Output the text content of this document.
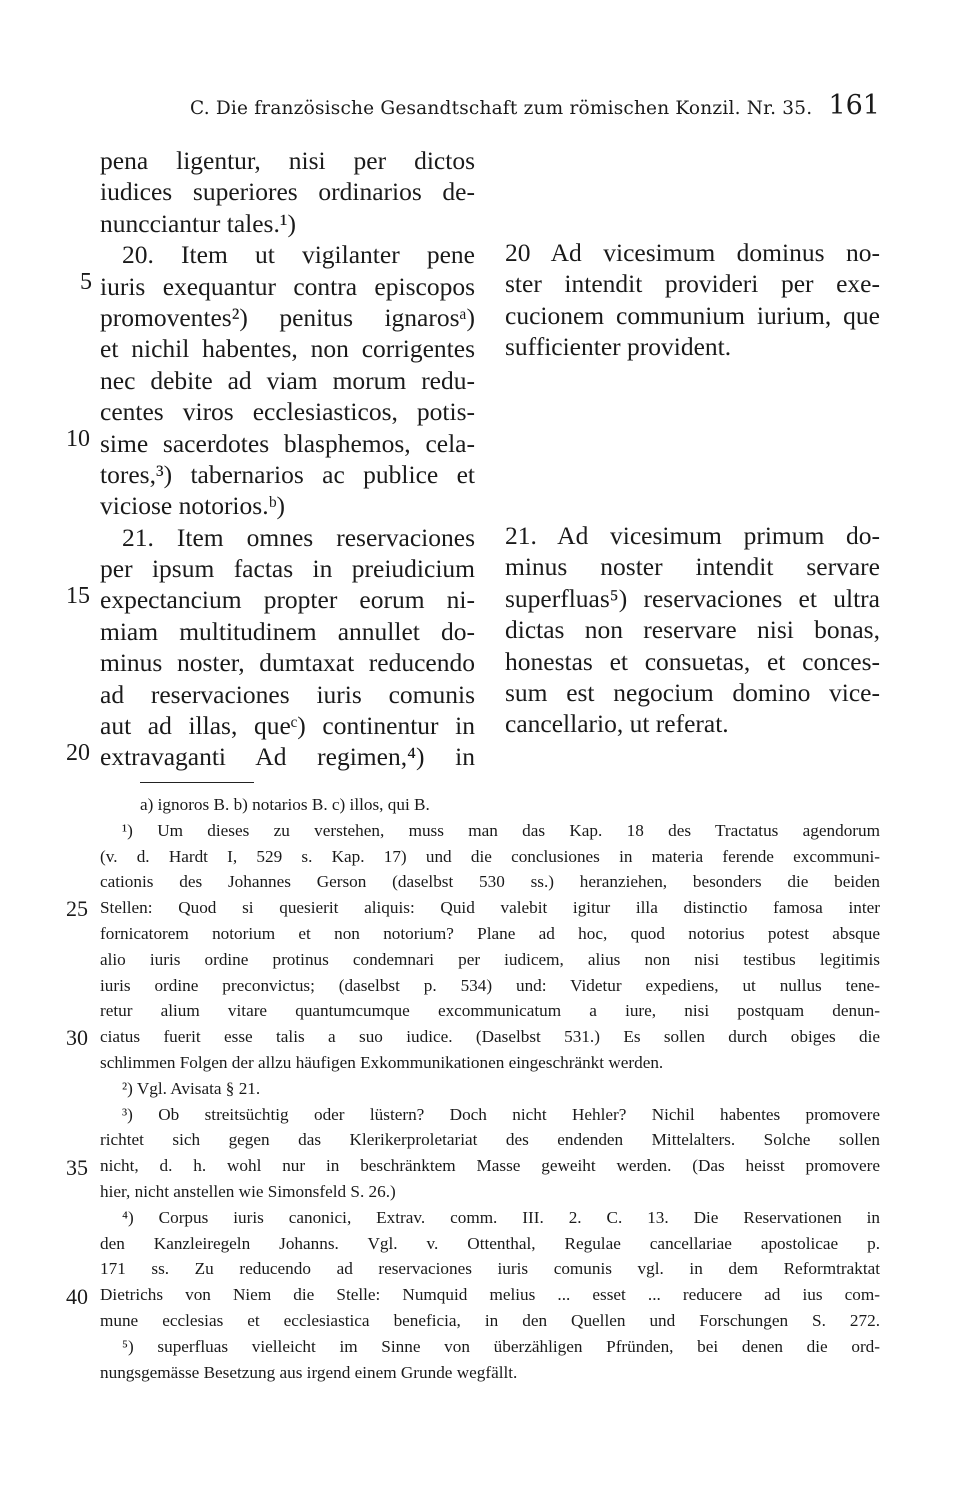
C. Die französische Gesandtschaft zum römischen Konzil. Nr. 35. 161
5
10
15
20
pena ligentur, nisi per dictos
iudices superiores ordinarios de-
nuncciantur tales.¹)
20. Item ut vigilanter pene
iuris exequantur contra episcopos
promoventes²) penitus ignarosᵃ)
et nichil habentes, non corrigentes
nec debite ad viam morum redu-
centes viros ecclesiasticos, potis-
sime sacerdotes blasphemos, cela-
tores,³) tabernarios ac publice et
viciose notorios.ᵇ)
21. Item omnes reservaciones
per ipsum factas in preiudicium
expectancium propter eorum ni-
miam multitudinem annullet do-
minus noster, dumtaxat reducendo
ad reservaciones iuris comunis
aut ad illas, queᶜ) continentur in
extravaganti Ad regimen,⁴) in
20 Ad vicesimum dominus no-
ster intendit provideri per exe-
cucionem communium iurium, que
sufficienter provident.
21. Ad vicesimum primum do-
minus noster intendit servare
superfluas⁵) reservaciones et ultra
dictas non reservare nisi bonas,
honestas et consuetas, et conces-
sum est negocium domino vice-
cancellario, ut referat.
25
30
35
40
a) ignoros B. b) notarios B. c) illos, qui B.
¹) Um dieses zu verstehen, muss man das Kap. 18 des Tractatus agendorum
(v. d. Hardt I, 529 s. Kap. 17) und die conclusiones in materia ferende excommuni-
cationis des Johannes Gerson (daselbst 530 ss.) heranziehen, besonders die beiden
Stellen: Quod si quesierit aliquis: Quid valebit igitur illa distinctio famosa inter
fornicatorem notorium et non notorium? Plane ad hoc, quod notorius potest absque
alio iuris ordine protinus condemnari per iudicem, alius non nisi testibus legitimis
iuris ordine preconvictus; (daselbst p. 534) und: Videtur expediens, ut nullus tene-
retur alium vitare quantumcumque excommunicatum a iure, nisi postquam denun-
ciatus fuerit esse talis a suo iudice. (Daselbst 531.) Es sollen durch obiges die
schlimmen Folgen der allzu häufigen Exkommunikationen eingeschränkt werden.
²) Vgl. Avisata § 21.
³) Ob streitsüchtig oder lüstern? Doch nicht Hehler? Nichil habentes promovere
richtet sich gegen das Klerikerproletariat des endenden Mittelalters. Solche sollen
nicht, d. h. wohl nur in beschränktem Masse geweiht werden. (Das heisst promovere
hier, nicht anstellen wie Simonsfeld S. 26.)
⁴) Corpus iuris canonici, Extrav. comm. III. 2. C. 13. Die Reservationen in
den Kanzleiregeln Johanns. Vgl. v. Ottenthal, Regulae cancellariae apostolicae p.
171 ss. Zu reducendo ad reservaciones iuris comunis vgl. in dem Reformtraktat
Dietrichs von Niem die Stelle: Numquid melius ... esset ... reducere ad ius com-
mune ecclesias et ecclesiastica beneficia, in den Quellen und Forschungen S. 272.
⁵) superfluas vielleicht im Sinne von überzähligen Pfründen, bei denen die ord-
nungsgemässe Besetzung aus irgend einem Grunde wegfällt.
